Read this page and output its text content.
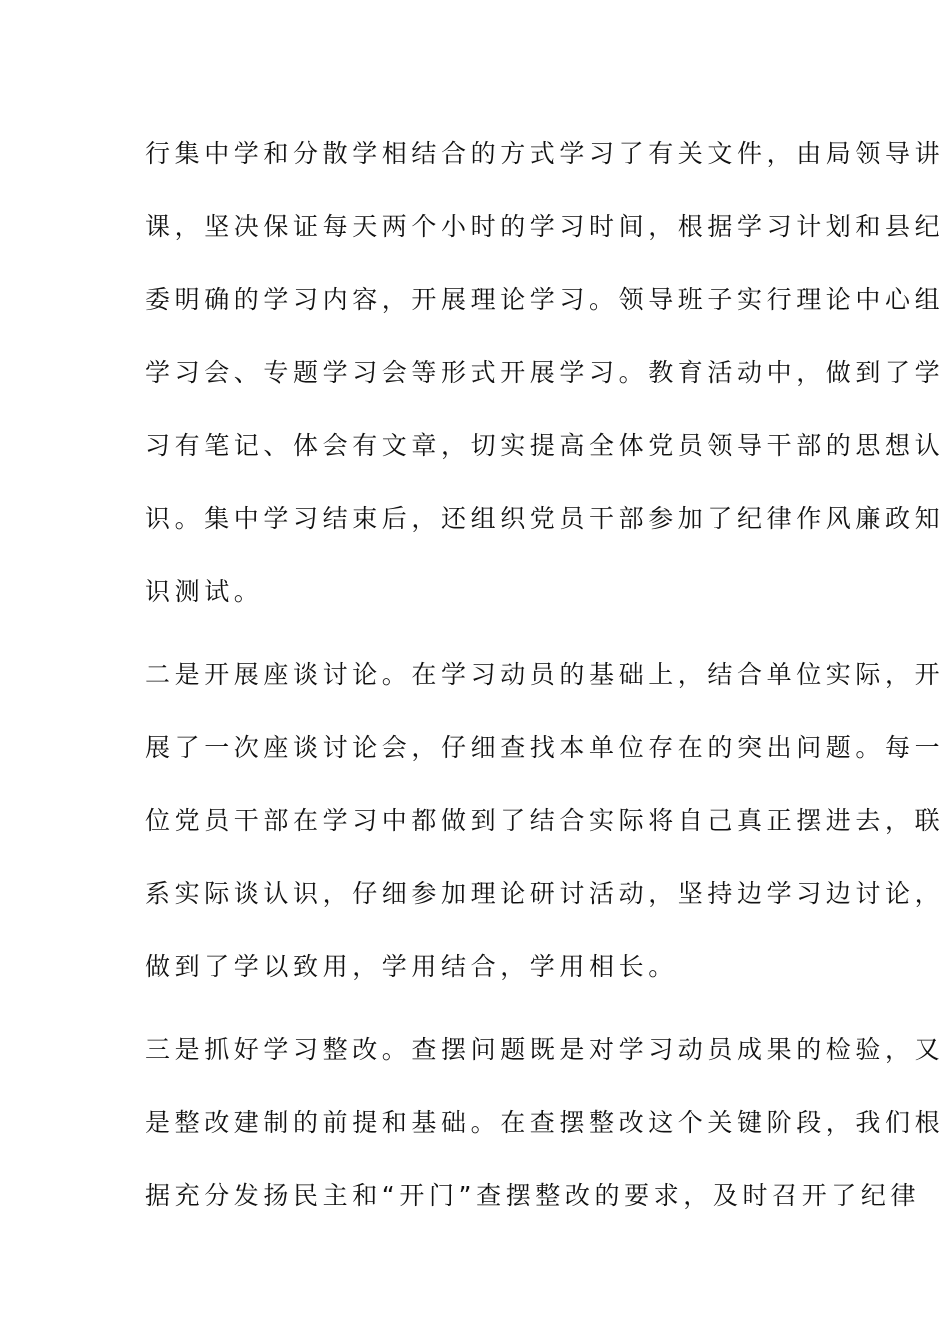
行集中学和分散学相结合的方式学习了有关文件，由局领导讲
课，坚决保证每天两个小时的学习时间，根据学习计划和县纪
委明确的学习内容，开展理论学习。领导班子实行理论中心组
学习会、专题学习会等形式开展学习。教育活动中，做到了学
习有笔记、体会有文章，切实提高全体党员领导干部的思想认
识。集中学习结束后，还组织党员干部参加了纪律作风廉政知
识测试。
二是开展座谈讨论。在学习动员的基础上，结合单位实际，开
展了一次座谈讨论会，仔细查找本单位存在的突出问题。每一
位党员干部在学习中都做到了结合实际将自己真正摆进去，联
系实际谈认识，仔细参加理论研讨活动，坚持边学习边讨论，
做到了学以致用，学用结合，学用相长。
三是抓好学习整改。查摆问题既是对学习动员成果的检验，又
是整改建制的前提和基础。在查摆整改这个关键阶段，我们根
据充分发扬民主和“开门”查摆整改的要求，及时召开了纪律
